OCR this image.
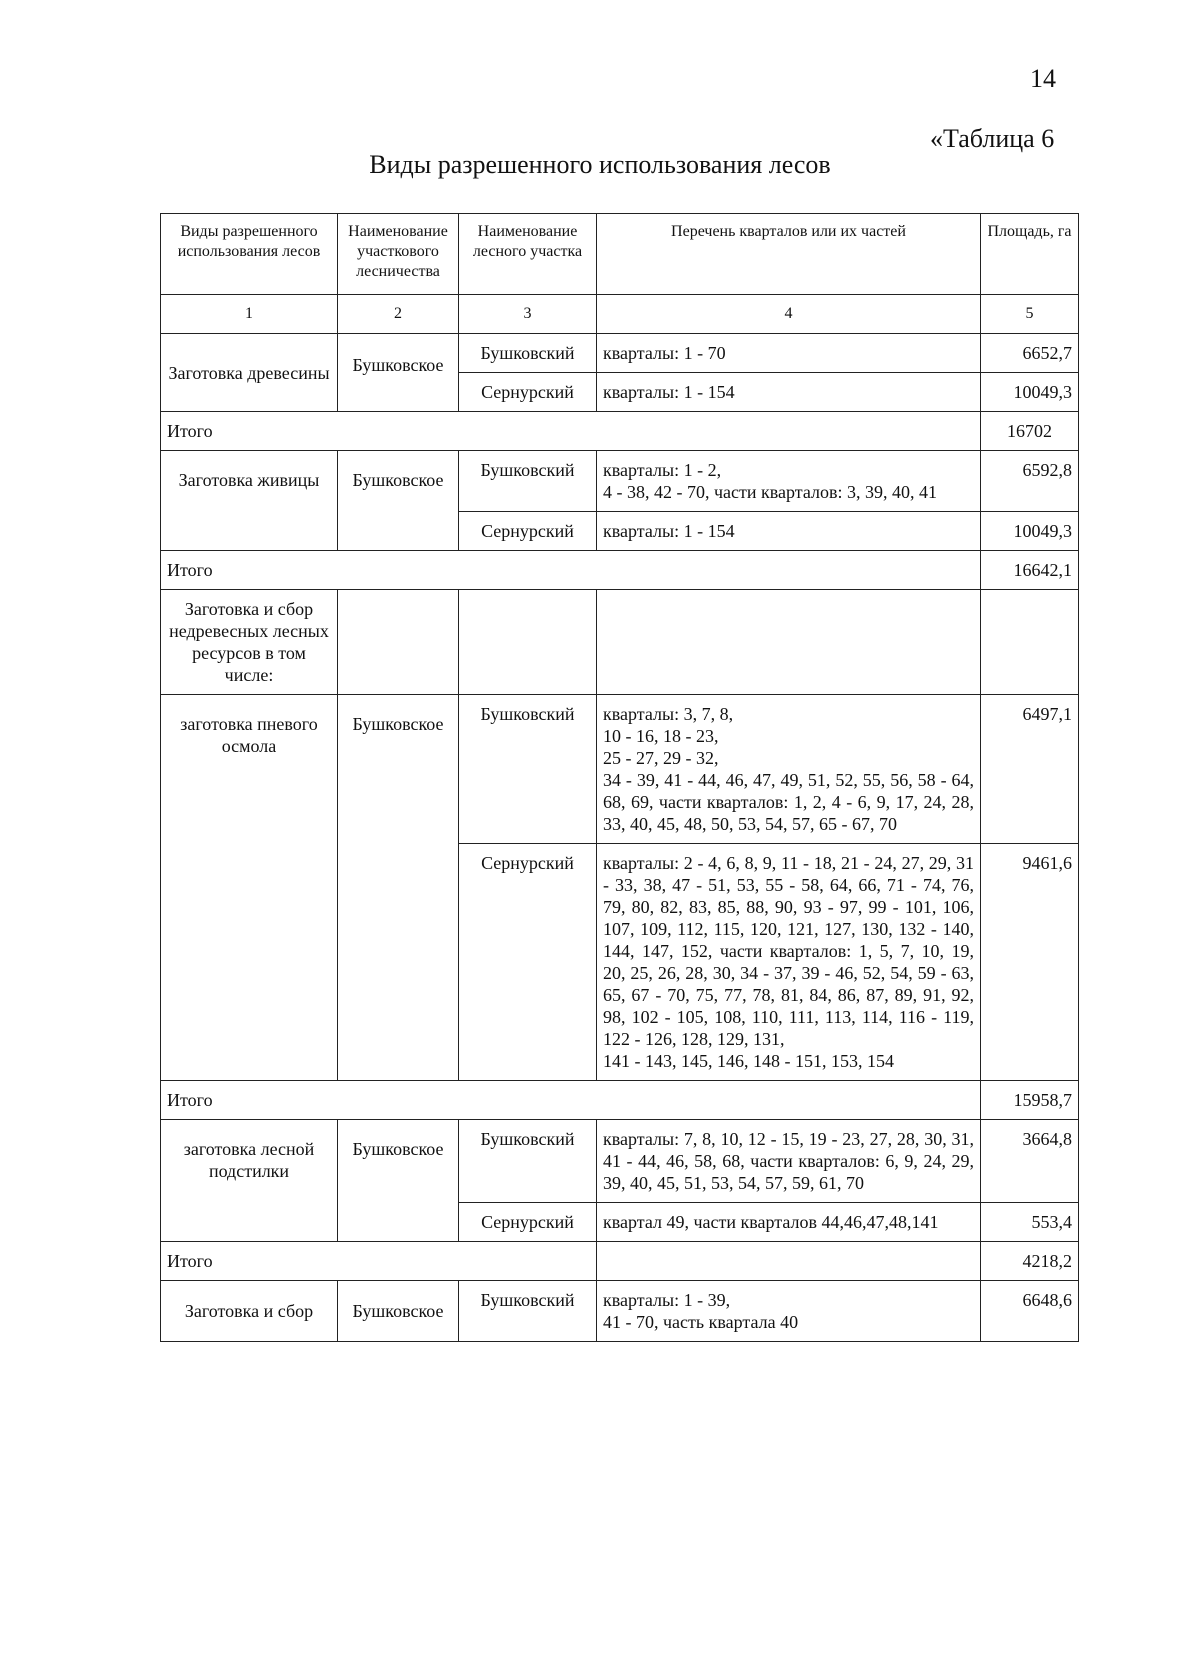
14
«Таблица 6
Виды разрешенного использования лесов
Виды разрешенного использования лесов	Наименование участкового лесничества	Наименование лесного участка	Перечень кварталов или их частей	Площадь, га
1	2	3	4	5
Заготовка древесины	Бушковское	Бушковский	кварталы: 1 - 70	6652,7
		Сернурский	кварталы: 1 - 154	10049,3
Итого				16702
Заготовка живицы	Бушковское	Бушковский	кварталы: 1 - 2,
4 - 38, 42 - 70, части кварталов: 3, 39, 40, 41	6592,8
		Сернурский	кварталы: 1 - 154	10049,3
Итого				16642,1
Заготовка и сбор недревесных лесных ресурсов в том числе:				
заготовка пневого осмола	Бушковское	Бушковский	кварталы: 3, 7, 8,
10 - 16, 18 - 23,
25 - 27, 29 - 32,
34 - 39, 41 - 44, 46, 47, 49, 51, 52, 55, 56, 58 - 64, 68, 69, части кварталов: 1, 2, 4 - 6, 9, 17, 24, 28, 33, 40, 45, 48, 50, 53, 54, 57, 65 - 67, 70	6497,1
		Сернурский	кварталы: 2 - 4, 6, 8, 9, 11 - 18, 21 - 24, 27, 29, 31 - 33, 38, 47 - 51, 53, 55 - 58, 64, 66, 71 - 74, 76, 79, 80, 82, 83, 85, 88, 90, 93 - 97, 99 - 101, 106, 107, 109, 112, 115, 120, 121, 127, 130, 132 - 140, 144, 147, 152, части кварталов: 1, 5, 7, 10, 19, 20, 25, 26, 28, 30, 34 - 37, 39 - 46, 52, 54, 59 - 63, 65, 67 - 70, 75, 77, 78, 81, 84, 86, 87, 89, 91, 92, 98, 102 - 105, 108, 110, 111, 113, 114, 116 - 119, 122 - 126, 128, 129, 131,
141 - 143, 145, 146, 148 - 151, 153, 154	9461,6
Итого				15958,7
заготовка лесной подстилки	Бушковское	Бушковский	кварталы: 7, 8, 10, 12 - 15, 19 - 23, 27, 28, 30, 31, 41 - 44, 46, 58, 68, части кварталов: 6, 9, 24, 29, 39, 40, 45, 51, 53, 54, 57, 59, 61, 70	3664,8
		Сернурский	квартал 49, части кварталов 44,46,47,48,141	553,4
Итого				4218,2
Заготовка и сбор	Бушковское	Бушковский	кварталы: 1 - 39,
41 - 70, часть квартала 40	6648,6
